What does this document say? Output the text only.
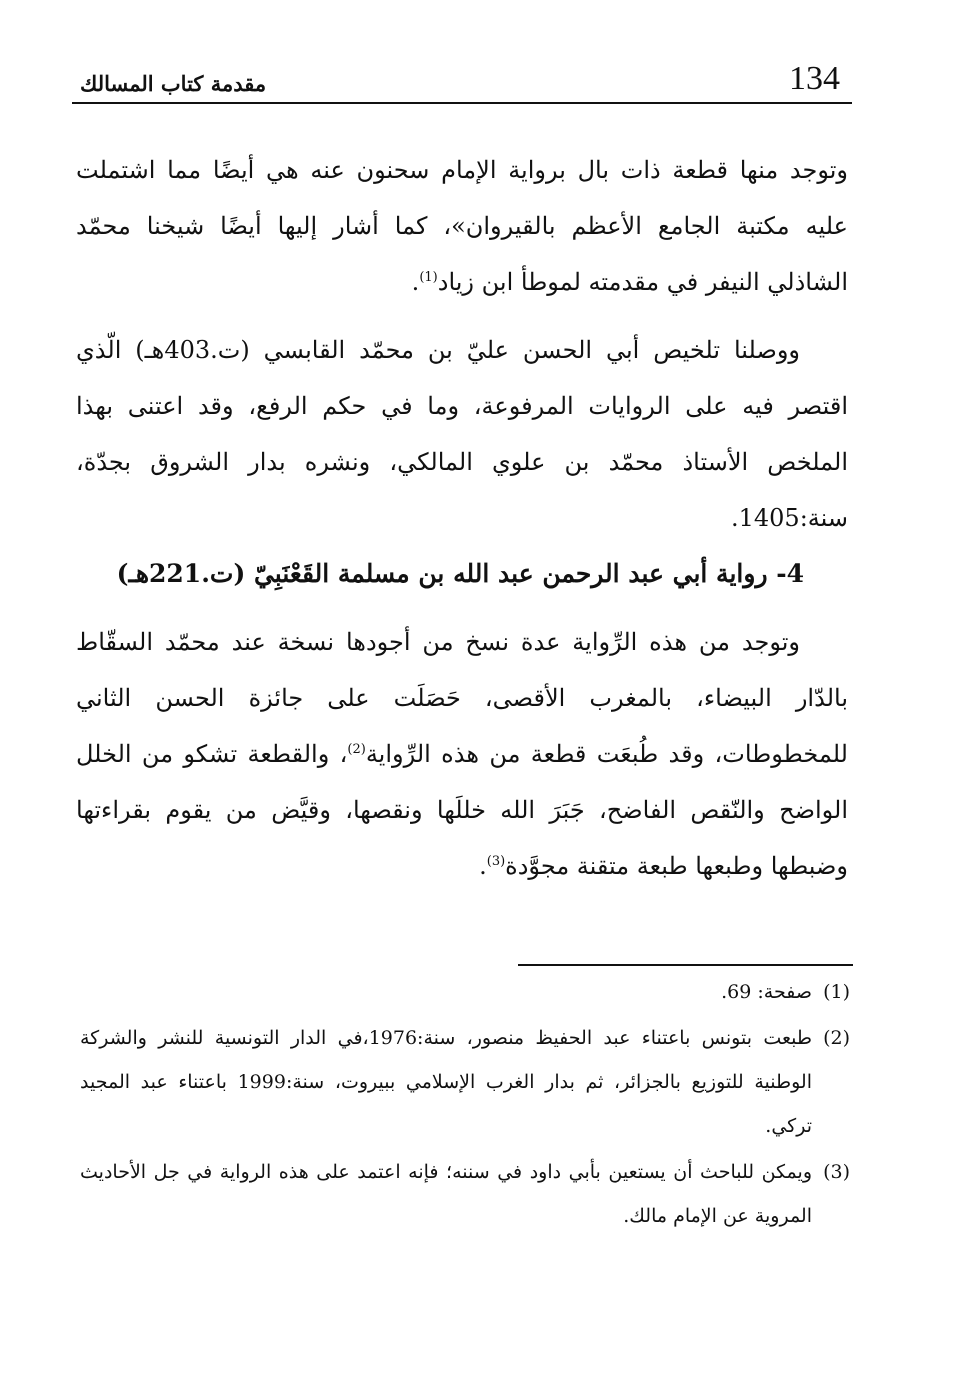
134
مقدمة كتاب المسالك

وتوجد منها قطعة ذات بال برواية الإمام سحنون عنه هي أيضًا مما اشتملت عليه مكتبة الجامع الأعظم بالقيروان»، كما أشار إليها أيضًا شيخنا محمّد الشاذلي النيفر في مقدمته لموطأ ابن زياد$^{(1)}$.

ووصلنا تلخيص أبي الحسن عليّ بن محمّد القابسي (ت.403هـ) الّذي اقتصر فيه على الروايات المرفوعة، وما في حكم الرفع، وقد اعتنى بهذا الملخص الأستاذ محمّد بن علوي المالكي، ونشره بدار الشروق بجدّة، سنة:1405.

4- رواية أبي عبد الرحمن عبد الله بن مسلمة القَعْنَبِيّ (ت.221هـ)

وتوجد من هذه الرِّواية عدة نسخ من أجودها نسخة عند محمّد السقّاط بالدّار البيضاء، بالمغرب الأقصى، حَصَلَت على جائزة الحسن الثاني للمخطوطات، وقد طُبعَت قطعة من هذه الرِّواية$^{(2)}$، والقطعة تشكو من الخلل الواضح والنّقص الفاضح، جَبَرَ الله خللَها ونقصها، وقيَّض من يقوم بقراءتها وضبطها وطبعها طبعة متقنة مجوَّدة$^{(3)}$.

(1)
صفحة: 69.
(2)
طبعت بتونس باعتناء عبد الحفيظ منصور، سنة:1976،في الدار التونسية للنشر والشركة الوطنية للتوزيع بالجزائر، ثم بدار الغرب الإسلامي ببيروت، سنة:1999 باعتناء عبد المجيد تركي.
(3)
ويمكن للباحث أن يستعين بأبي داود في سننه؛ فإنه اعتمد على هذه الرواية في جل الأحاديث المروية عن الإمام مالك.
